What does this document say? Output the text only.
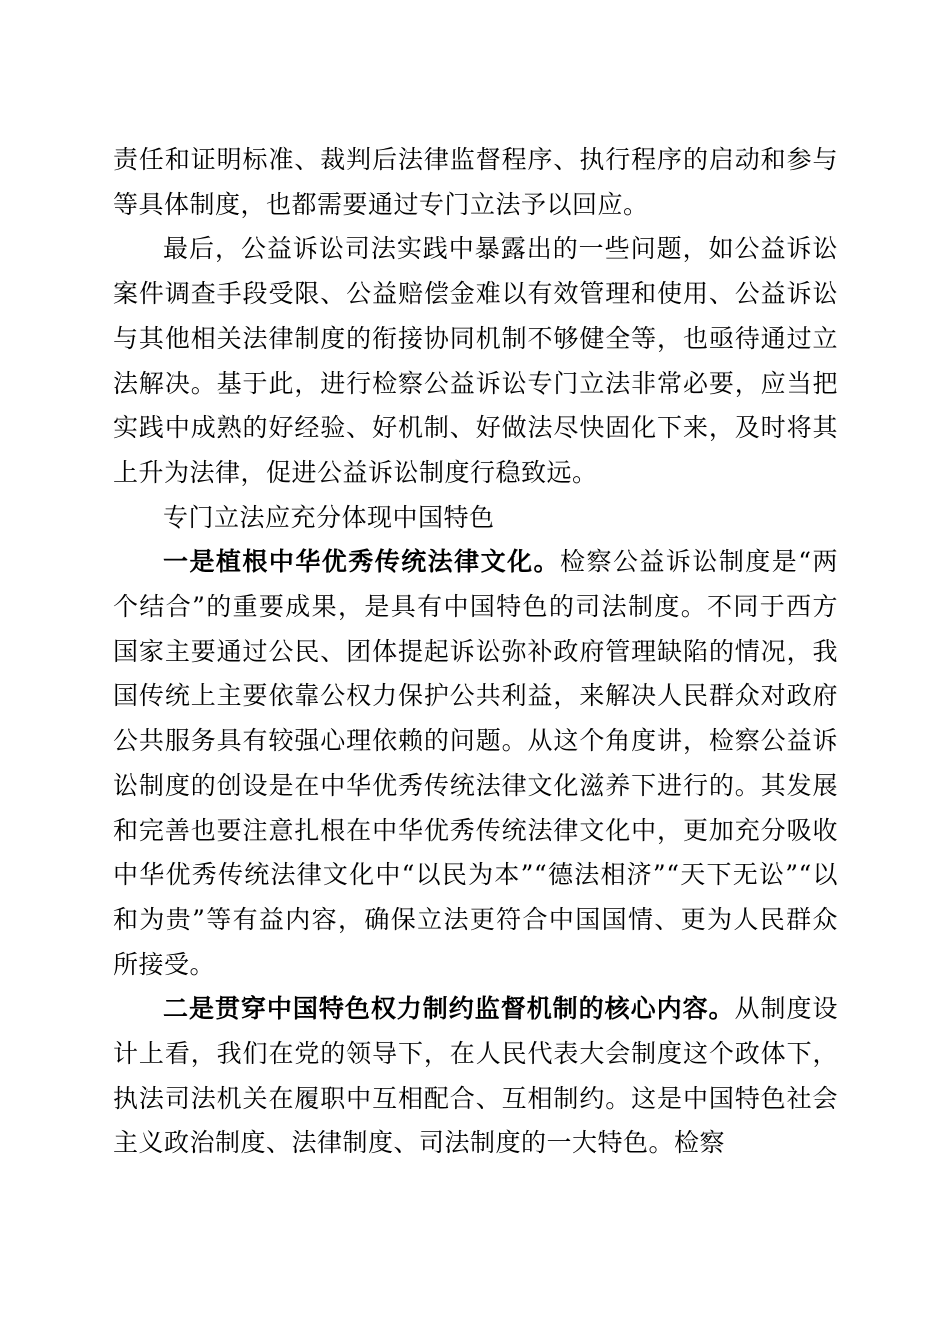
责任和证明标准、裁判后法律监督程序、执行程序的启动和参与等具体制度，也都需要通过专门立法予以回应。

最后，公益诉讼司法实践中暴露出的一些问题，如公益诉讼案件调查手段受限、公益赔偿金难以有效管理和使用、公益诉讼与其他相关法律制度的衔接协同机制不够健全等，也亟待通过立法解决。基于此，进行检察公益诉讼专门立法非常必要，应当把实践中成熟的好经验、好机制、好做法尽快固化下来，及时将其上升为法律，促进公益诉讼制度行稳致远。

专门立法应充分体现中国特色

一是植根中华优秀传统法律文化。检察公益诉讼制度是“两个结合”的重要成果，是具有中国特色的司法制度。不同于西方国家主要通过公民、团体提起诉讼弥补政府管理缺陷的情况，我国传统上主要依靠公权力保护公共利益，来解决人民群众对政府公共服务具有较强心理依赖的问题。从这个角度讲，检察公益诉讼制度的创设是在中华优秀传统法律文化滋养下进行的。其发展和完善也要注意扎根在中华优秀传统法律文化中，更加充分吸收中华优秀传统法律文化中“以民为本”“德法相济”“天下无讼”“以和为贵”等有益内容，确保立法更符合中国国情、更为人民群众所接受。

二是贯穿中国特色权力制约监督机制的核心内容。从制度设计上看，我们在党的领导下，在人民代表大会制度这个政体下，执法司法机关在履职中互相配合、互相制约。这是中国特色社会主义政治制度、法律制度、司法制度的一大特色。检察
